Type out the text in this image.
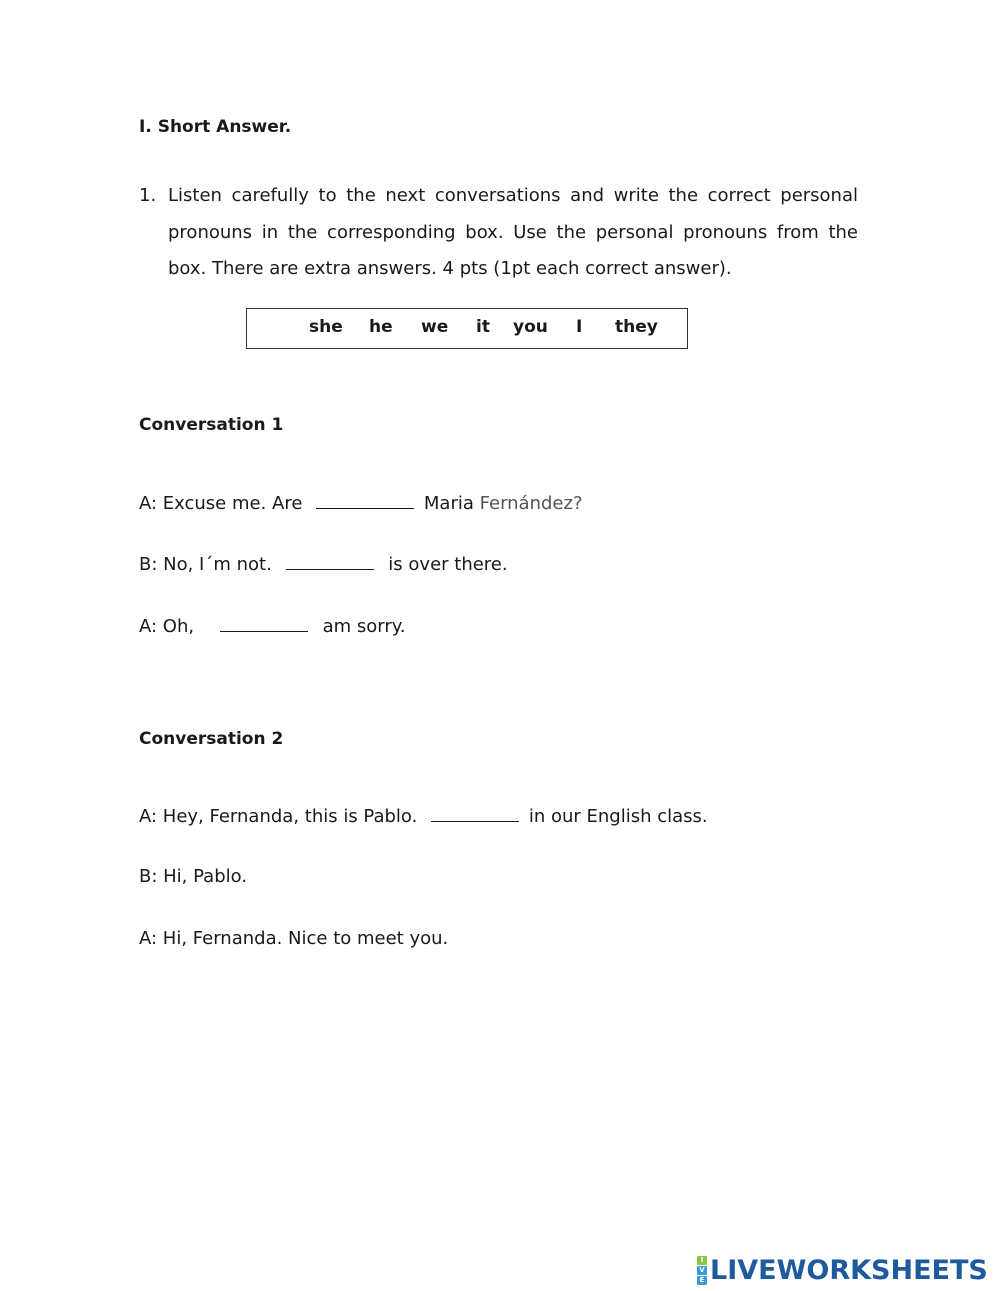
I. Short Answer.
1. Listen carefully to the next conversations and write the correct personal pronouns in the corresponding box. Use the personal pronouns from the box. There are extra answers. 4 pts (1pt each correct answer).
she he we it you I they
Conversation 1
A: Excuse me. Are	Maria Fernández?
B: No, I´m not.	is over there.
A: Oh,	am sorry.
Conversation 2
A: Hey, Fernanda, this is Pablo.	in our English class.
B: Hi, Pablo.
A: Hi, Fernanda. Nice to meet you.
I
V
E LIVEWORKSHEETS
